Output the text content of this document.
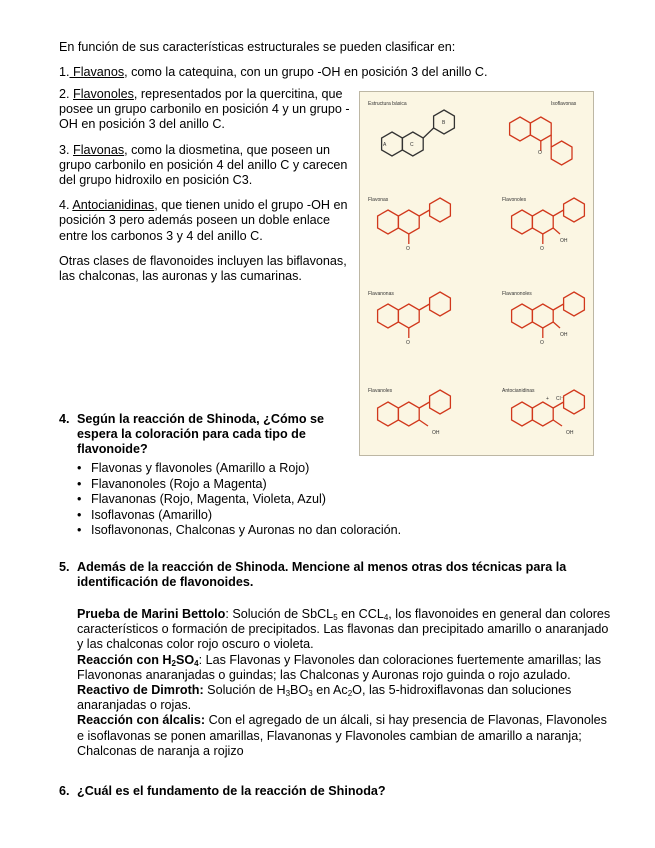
En función de sus características estructurales se pueden clasificar en:

1. Flavanos, como la catequina, con un grupo -OH en posición 3 del anillo C.

2. Flavonoles, representados por la quercitina, que posee un grupo carbonilo en posición 4 y un grupo -OH en posición 3 del anillo C.

3. Flavonas, como la diosmetina, que poseen un grupo carbonilo en posición 4 del anillo C y carecen del grupo hidroxilo en posición C3.

4. Antocianidinas, que tienen unido el grupo -OH en posición 3 pero además poseen un doble enlace entre los carbonos 3 y 4 del anillo C.

Otras clases de flavonoides incluyen las biflavonas, las chalconas, las auronas y las cumarinas.

Estructura básica	Isoflavonas
Flavonas	Flavonoles
Flavanonas	Flavanonoles
Flavanoles	Antocianidinas
A	C
B
O
O	O
OH
O	O
OH
OH	OH
+ Cl⁻
4. Según la reacción de Shinoda, ¿Cómo se espera la coloración para cada tipo de flavonoide?

• Flavonas y flavonoles (Amarillo a Rojo)
• Flavanonoles (Rojo a Magenta)
• Flavanonas (Rojo, Magenta, Violeta, Azul)
• Isoflavonas (Amarillo)
• Isoflavononas, Chalconas y Auronas no dan coloración.
5. Además de la reacción de Shinoda. Mencione al menos otras dos técnicas para la identificación de flavonoides.

Prueba de Marini Bettolo: Solución de SbCL$_5$ en $CCL_4$, los flavonoides en general dan colores característicos o formación de precipitados. Las flavonas dan precipitado amarillo o anaranjado y las chalconas color rojo oscuro o violeta.

Reacción con $H_2SO_4$: Las Flavonas y Flavonoles dan coloraciones fuertemente amarillas; las Flavononas anaranjadas o guindas; las Chalconas y Auronas rojo guinda o rojo azulado.

Reactivo de Dimroth: Solución de $H_3BO_3$ en $Ac_2O$, las 5-hidroxiflavonas dan soluciones anaranjadas o rojas.

Reacción con álcalis: Con el agregado de un álcali, si hay presencia de Flavonas, Flavonoles e isoflavonas se ponen amarillas, Flavanonas y Flavonoles cambian de amarillo a naranja; Chalconas de naranja a rojizo

6. ¿Cuál es el fundamento de la reacción de Shinoda?
